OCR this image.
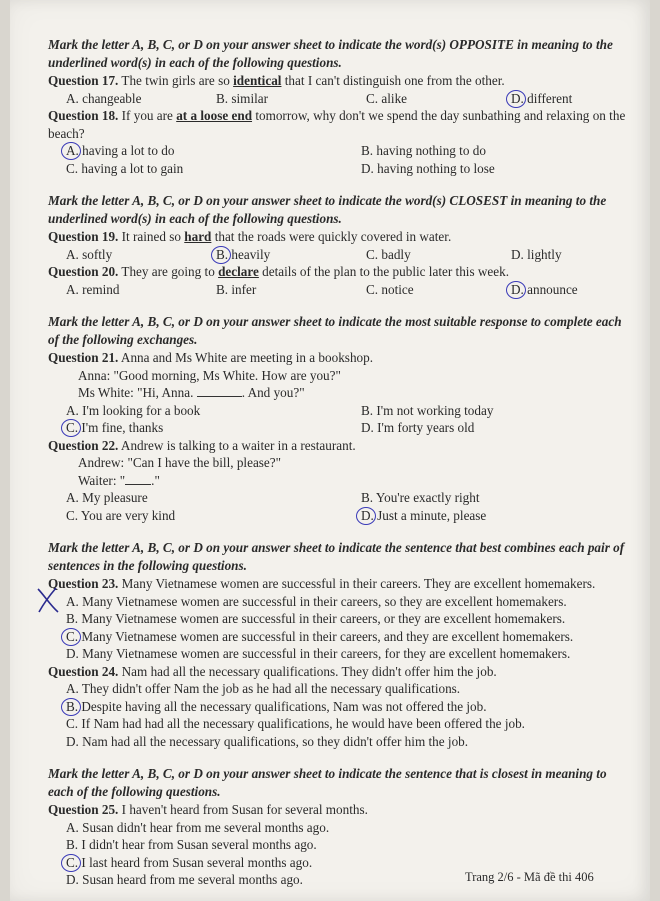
Mark the letter A, B, C, or D on your answer sheet to indicate the word(s) OPPOSITE in meaning to the underlined word(s) in each of the following questions.

Question 17. The twin girls are so identical that I can't distinguish one from the other.

A. changeable	B. similar	C. alike	D. different

Question 18. If you are at a loose end tomorrow, why don't we spend the day sunbathing and relaxing on the beach?

A. having a lot to do	B. having nothing to do
C. having a lot to gain	D. having nothing to lose
Mark the letter A, B, C, or D on your answer sheet to indicate the word(s) CLOSEST in meaning to the underlined word(s) in each of the following questions.

Question 19. It rained so hard that the roads were quickly covered in water.

A. softly	B. heavily	C. badly	D. lightly

Question 20. They are going to declare details of the plan to the public later this week.

A. remind	B. infer	C. notice	D. announce
Mark the letter A, B, C, or D on your answer sheet to indicate the most suitable response to complete each of the following exchanges.

Question 21. Anna and Ms White are meeting in a bookshop.

Anna: "Good morning, Ms White. How are you?"
Ms White: "Hi, Anna.	. And you?"
A. I'm looking for a book	B. I'm not working today
C. I'm fine, thanks	D. I'm forty years old

Question 22. Andrew is talking to a waiter in a restaurant.

Andrew: "Can I have the bill, please?"
Waiter: " ."
A. My pleasure	B. You're exactly right
C. You are very kind	D. Just a minute, please
Mark the letter A, B, C, or D on your answer sheet to indicate the sentence that best combines each pair of sentences in the following questions.

Question 23. Many Vietnamese women are successful in their careers. They are excellent homemakers.

A. Many Vietnamese women are successful in their careers, so they are excellent homemakers.
B. Many Vietnamese women are successful in their careers, or they are excellent homemakers.
C. Many Vietnamese women are successful in their careers, and they are excellent homemakers.
D. Many Vietnamese women are successful in their careers, for they are excellent homemakers.

Question 24. Nam had all the necessary qualifications. They didn't offer him the job.

A. They didn't offer Nam the job as he had all the necessary qualifications.
B. Despite having all the necessary qualifications, Nam was not offered the job.
C. If Nam had had all the necessary qualifications, he would have been offered the job.
D. Nam had all the necessary qualifications, so they didn't offer him the job.
Mark the letter A, B, C, or D on your answer sheet to indicate the sentence that is closest in meaning to each of the following questions.

Question 25. I haven't heard from Susan for several months.

A. Susan didn't hear from me several months ago.
B. I didn't hear from Susan several months ago.
C. I last heard from Susan several months ago.
D. Susan heard from me several months ago.	Trang 2/6 - Mã đề thi 406
